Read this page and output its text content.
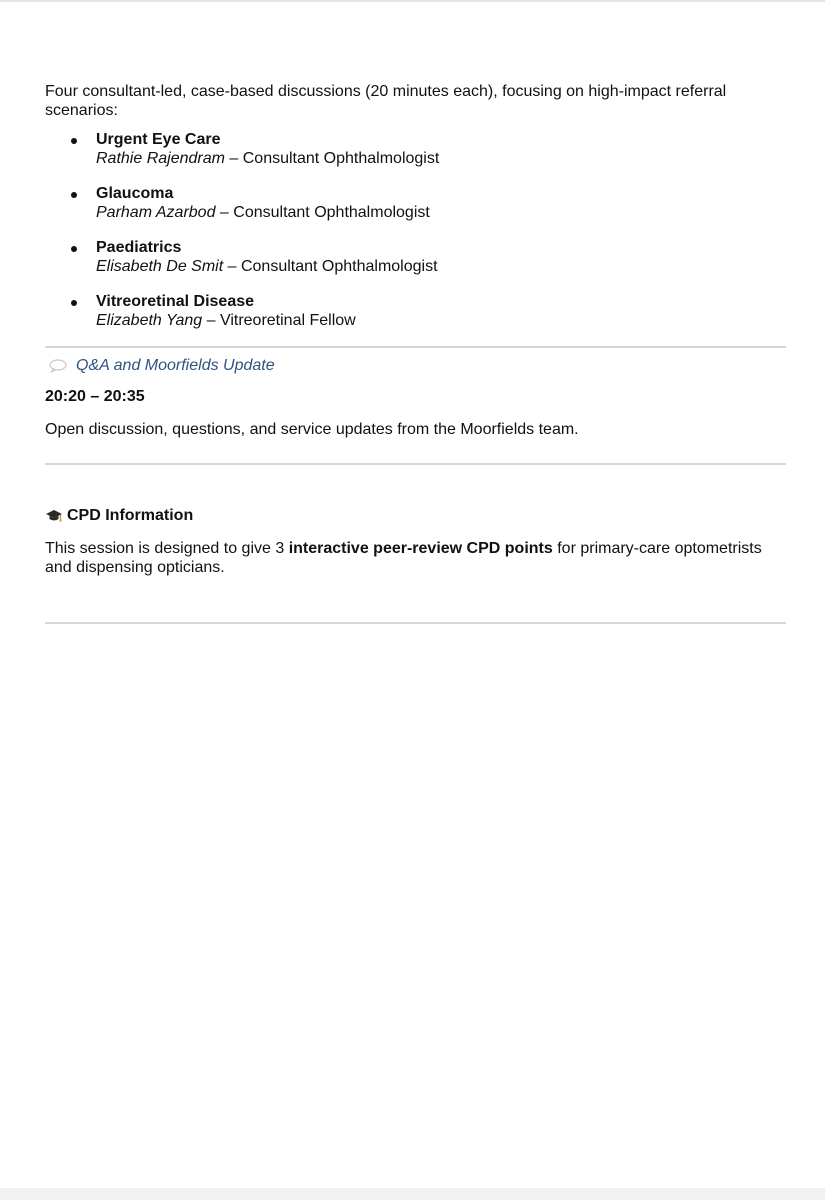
Four consultant-led, case-based discussions (20 minutes each), focusing on high-impact referral scenarios:

Urgent Eye Care
Rathie Rajendram – Consultant Ophthalmologist
Glaucoma
Parham Azarbod – Consultant Ophthalmologist
Paediatrics
Elisabeth De Smit – Consultant Ophthalmologist
Vitreoretinal Disease
Elizabeth Yang – Vitreoretinal Fellow
Q&A and Moorfields Update
20:20 – 20:35

Open discussion, questions, and service updates from the Moorfields team.

CPD Information

This session is designed to give 3 interactive peer-review CPD points for primary-care optometrists and dispensing opticians.
